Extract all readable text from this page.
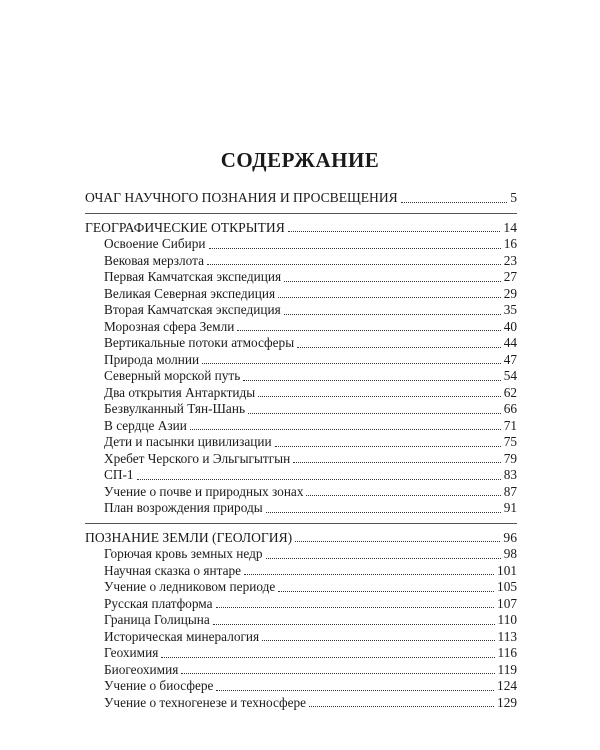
СОДЕРЖАНИЕ
ОЧАГ НАУЧНОГО ПОЗНАНИЯ И ПРОСВЕЩЕНИЯ	5
ГЕОГРАФИЧЕСКИЕ ОТКРЫТИЯ	14
Освоение Сибири	16
Вековая мерзлота	23
Первая Камчатская экспедиция	27
Великая Северная экспедиция	29
Вторая Камчатская экспедиция	35
Морозная сфера Земли	40
Вертикальные потоки атмосферы	44
Природа молнии	47
Северный морской путь	54
Два открытия Антарктиды	62
Безвулканный Тян-Шань	66
В сердце Азии	71
Дети и пасынки цивилизации	75
Хребет Черского и Эльгыгытгын	79
СП-1	83
Учение о почве и природных зонах	87
План возрождения природы	91
ПОЗНАНИЕ ЗЕМЛИ (ГЕОЛОГИЯ)	96
Горючая кровь земных недр	98
Научная сказка о янтаре	101
Учение о ледниковом периоде	105
Русская платформа	107
Граница Голицына	110
Историческая минералогия	113
Геохимия	116
Биогеохимия	119
Учение о биосфере	124
Учение о техногенезе и техносфере	129
